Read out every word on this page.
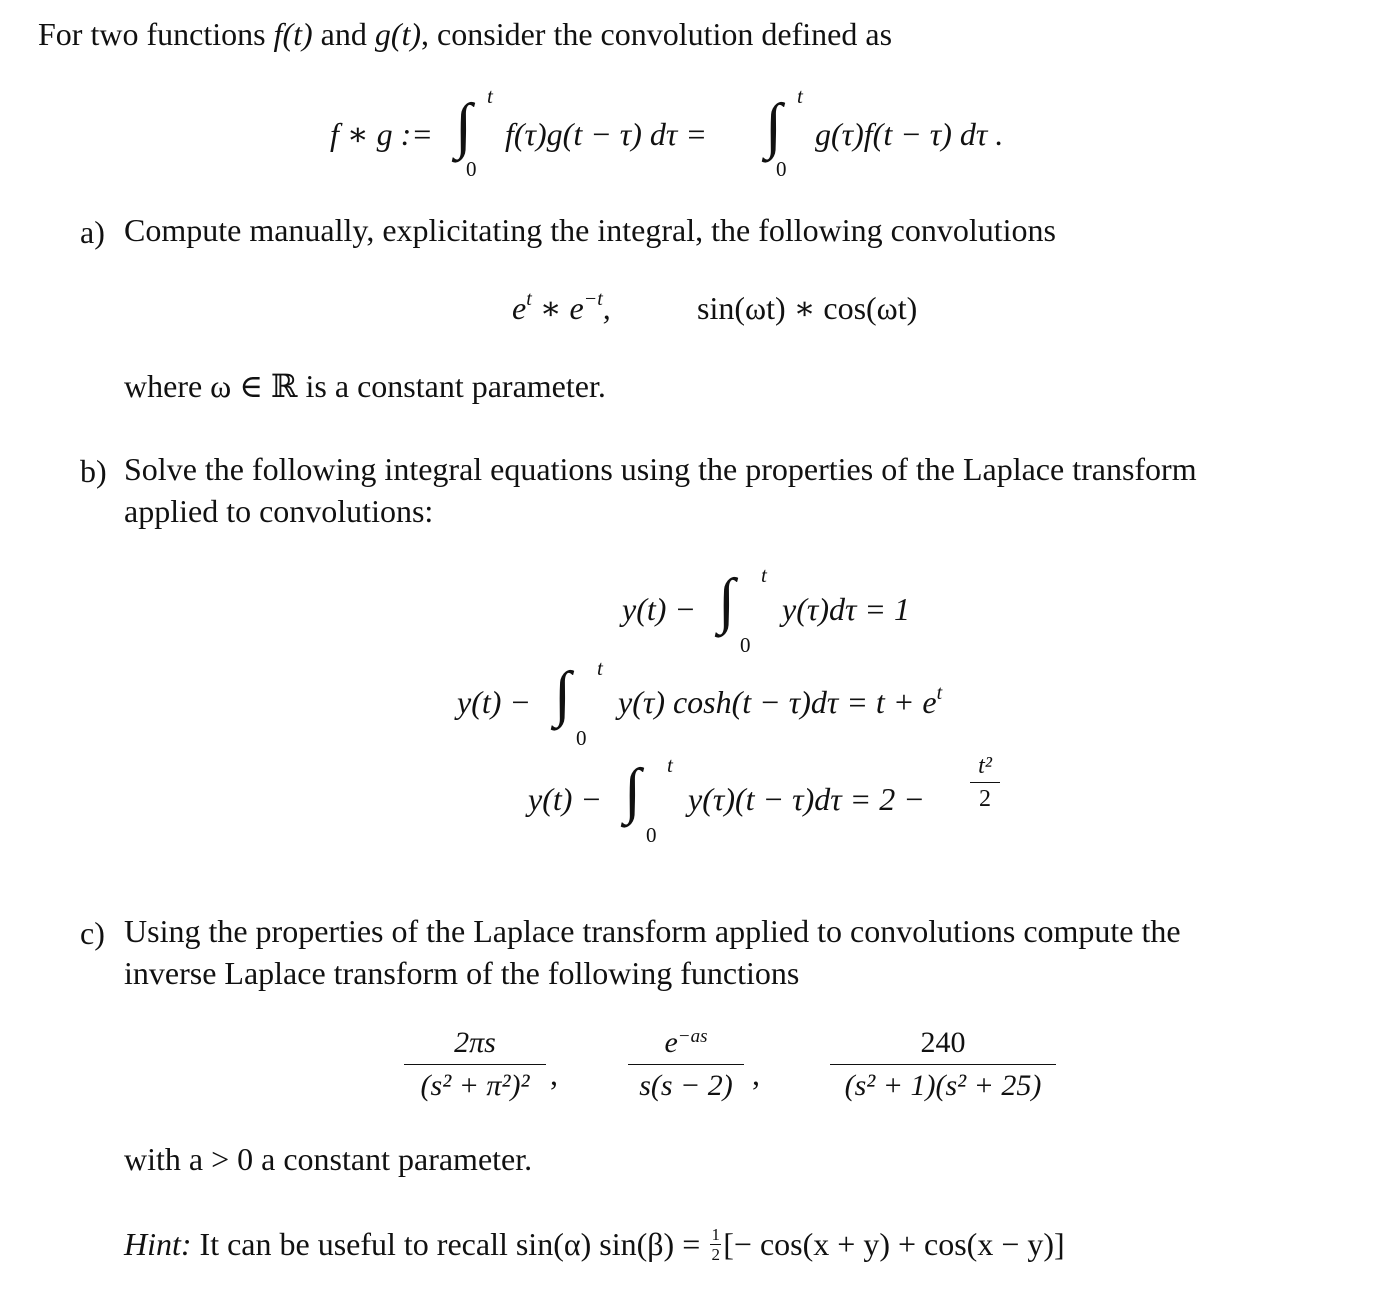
For two functions f(t) and g(t), consider the convolution defined as
f ∗ g := ∫ t
0
f(τ)g(t − τ) dτ = ∫ t
0
g(τ)f(t − τ) dτ .
a) Compute manually, explicitating the integral, the following convolutions
$e^t$ ∗ $e^{-t}$,	sin(ωt) ∗ cos(ωt)
where ω ∈ ℝ is a constant parameter.
b) Solve the following integral equations using the properties of the Laplace transform
applied to convolutions:
y(t) − ∫ t
0
y(τ)dτ = 1
y(t) − ∫ t
0
y(τ) $\cosh(t - \tau)d\tau = t + e^t$
y(t) − ∫ t
0
y(τ)(t − τ)dτ = 2 −
t²
2
c) Using the properties of the Laplace transform applied to convolutions compute the
inverse Laplace transform of the following functions
2πs
(s² + π²)² ,
$e^{-as}$
s(s − 2) ,
240
(s² + 1)(s² + 25)
with a > 0 a constant parameter.
Hint: It can be useful to recall sin(α) $\sin(\beta) = \frac{1}{2}$ [− cos(x + y) + cos(x − y)]
